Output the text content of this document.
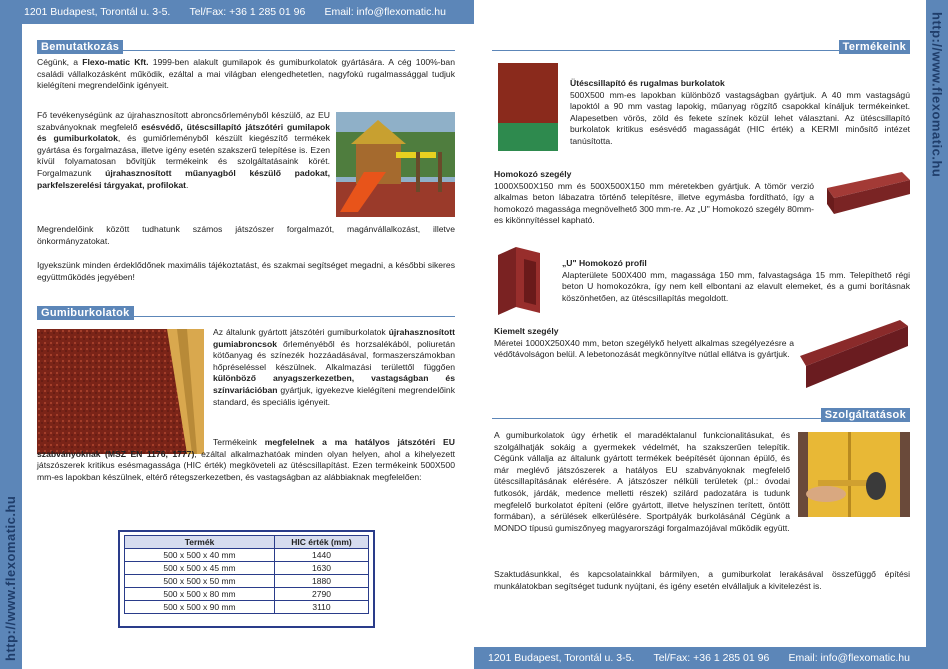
1201 Budapest, Torontál u. 3-5. Tel/Fax: +36 1 285 01 96 Email: info@flexomatic.hu
http://www.flexomatic.hu
Bemutatkozás
Cégünk, a Flexo-matic Kft. 1999-ben alakult gumilapok és gumiburkolatok gyártására. A cég 100%-ban családi vállalkozásként működik, ezáltal a mai világban elengedhetetlen, nagyfokú rugalmassággal tudjuk kielégíteni megrendelőink igényeit.
Fő tevékenységünk az újrahasznosított abroncsőrleményből készülő, az EU szabványoknak megfelelő esésvédő, ütéscsillapító játszótéri gumilapok és gumiburkolatok, és gumiőrleményből készült kiegészítő termékek gyártása és forgalmazása, illetve igény esetén szakszerű telepítése is. Ezen kívül folyamatosan bővítjük termékeink és szolgáltatásaink körét. Forgalmazunk újrahasznosított műanyagból készülő padokat, parkfelszerelési tárgyakat, profilokat.
Megrendelőink között tudhatunk számos játszószer forgalmazót, magánvállalkozást, illetve önkormányzatokat.
Igyekszünk minden érdeklődőnek maximális tájékoztatást, és szakmai segítséget megadni, a későbbi sikeres együttműködés jegyében!
Gumiburkolatok
Az általunk gyártott játszótéri gumiburkolatok újrahasznosított gumiabroncsok őrleményéből és horzsalékából, poliuretán kötőanyag és színezék hozzáadásával, formaszerszámokban hőpréseléssel készülnek. Alkalmazási területtől függően különböző anyagszerkezetben, vastagságban és színvariációban gyártjuk, igyekezve kielégíteni megrendelőink standard, és speciális igényeit.
Termékeink megfelelnek a ma hatályos játszótéri EU szabványoknak (MSZ EN 1176, 1777), ezáltal alkalmazhatóak minden olyan helyen, ahol a kihelyezett játszószerek kritikus esésmagassága (HIC érték) megköveteli az ütéscsillapítást. Ezen termékeink 500X500 mm-es lapokban készülnek, eltérő rétegszerkezetben, és vastagságban az alábbiaknak megfelelően:
Termék	HIC érték (mm)
500 x 500 x 40 mm	1440
500 x 500 x 45 mm	1630
500 x 500 x 50 mm	1880
500 x 500 x 80 mm	2790
500 x 500 x 90 mm	3110
http://www.flexomatic.hu
Termékeink
Ütéscsillapító és rugalmas burkolatok
500X500 mm-es lapokban különböző vastagságban gyártjuk. A 40 mm vastagságú lapoktól a 90 mm vastag lapokig, műanyag rögzítő csapokkal kínáljuk termékeinket. Alapesetben vörös, zöld és fekete színek közül lehet választani. Az ütéscsillapító burkolatok kritikus esésvédő magasságát (HIC érték) a KERMI minősítő intézet tanúsította.
Homokozó szegély
1000X500X150 mm és 500X500X150 mm méretekben gyártjuk. A tömör verzió alkalmas beton lábazatra történő telepítésre, illetve egymásba fordítható, így a homokozó magassága megnövelhető 300 mm-re. Az „U" Homokozó szegély 80mm-es kikönnyítéssel kapható.
„U" Homokozó profil
Alapterülete 500X400 mm, magassága 150 mm, falvastagsága 15 mm. Telepíthető régi beton U homokozókra, így nem kell elbontani az elavult elemeket, és a gumi borításnak köszönhetően, az ütéscsillapítás megoldott.
Kiemelt szegély
Méretei 1000X250X40 mm, beton szegélykő helyett alkalmas szegélyezésre a védőtávolságon belül. A lebetonozását megkönnyítve nútlal ellátva is gyártjuk.
Szolgáltatások
A gumiburkolatok úgy érhetik el maradéktalanul funkcionalitásukat, és szolgálhatják sokáig a gyermekek védelmét, ha szakszerűen telepítik. Cégünk vállalja az általunk gyártott termékek beépítését újonnan épülő, és már meglévő játszószerek a hatályos EU szabványoknak megfelelő ütéscsillapításának elérésére. A játszószer nélküli területek (pl.: óvodai futkosók, járdák, medence melletti részek) szilárd padozatára is tudunk megfelelő burkolatot építeni (előre gyártott, illetve helyszínen terített, öntött formában), a sérülések elkerülésére. Sportpályák burkolásánál Cégünk a MONDO típusú gumiszőnyeg magyarországi forgalmazójával működik együtt.
Szaktudásunkkal, és kapcsolatainkkal bármilyen, a gumiburkolat lerakásával összefüggő építési munkálatokban segítséget tudunk nyújtani, és igény esetén elvállaljuk a kivitelezést is.
1201 Budapest, Torontál u. 3-5. Tel/Fax: +36 1 285 01 96 Email: info@flexomatic.hu
